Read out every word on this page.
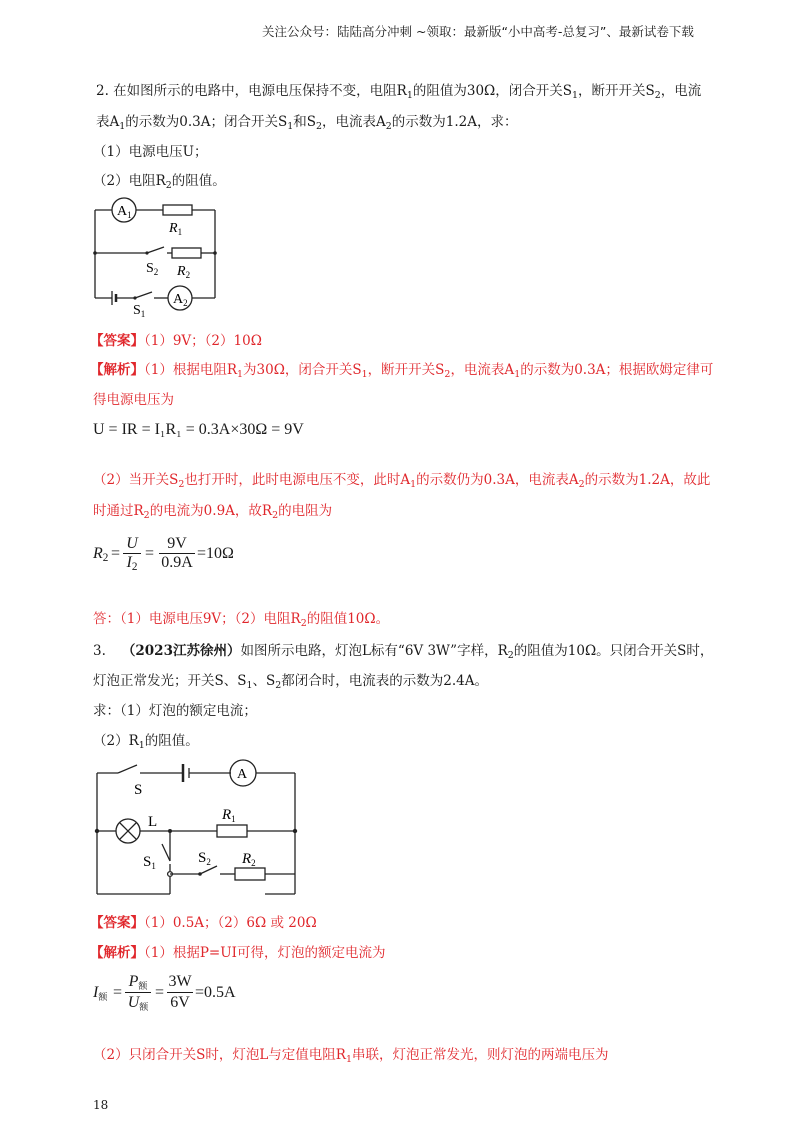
关注公众号：陆陆高分冲刺 ~领取：最新版“小中高考-总复习”、最新试卷下载
2. 在如图所示的电路中，电源电压保持不变，电阻$R_1$的阻值为30Ω，闭合开关$S_1$，断开开关$S_2$，电流
表$A_1$的示数为0.3A；闭合开关$S_1$和$S_2$，电流表$A_2$的示数为1.2A，求：
（1）电源电压U；
（2）电阻$R_2$的阻值。
$A_1$
$R_1$
$S_2$ $R_2$
$S_1$
$A_2$
【答案】（1）9V；（2）10Ω
【解析】（1）根据电阻$R_1$为30Ω，闭合开关$S_1$，断开开关$S_2$，电流表$A_1$的示数为0.3A；根据欧姆定律可
得电源电压为
U = IR = I₁R₁ = 0.3A×30Ω = 9V
（2）当开关$S_2$也打开时，此时电源电压不变，此时$A_1$的示数仍为0.3A，电流表$A_2$的示数为1.2A，故此
时通过$R_2$的电流为0.9A，故$R_2$的电阻为
$R_2$ =
U
$I_2$
=
9V
0.9A
=10Ω
答：（1）电源电压9V；（2）电阻$R_2$的阻值10Ω。
3. （2023江苏徐州）如图所示电路，灯泡L标有“6V 3W”字样，$R_2$的阻值为10Ω。只闭合开关S时，
灯泡正常发光；开关S、$S_1$、$S_2$都闭合时，电流表的示数为2.4A。
求：（1）灯泡的额定电流；
$(2)R_1$的阻值。
S
A
L	$R_1$
$S_1$	$S_2$ $R_2$
【答案】（1）0.5A；（2）6Ω 或 20Ω
【解析】（1）根据P=UI可得，灯泡的额定电流为
$I_额$ =
$P_额$
$U_额$
=
3W
6V
=0.5A
（2）只闭合开关S时，灯泡L与定值电阻$R_1$串联，灯泡正常发光，则灯泡的两端电压为
18
